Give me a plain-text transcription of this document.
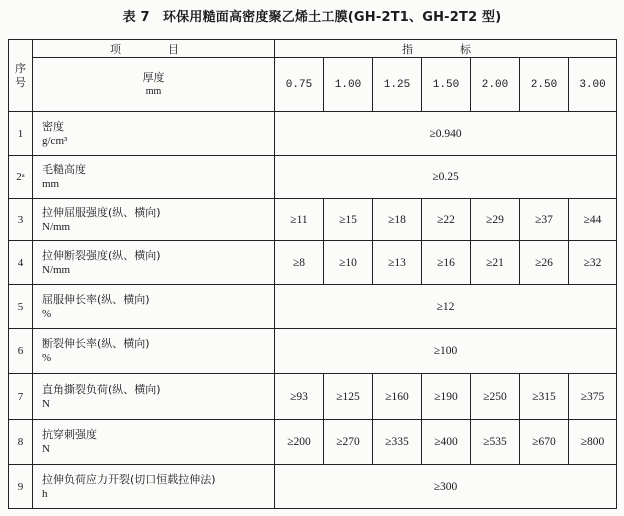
表 7　环保用糙面高密度聚乙烯土工膜(GH-2T1、GH-2T2 型)
序号	项　目	指　标						

	厚度
mm	0.75	1.00	1.25	1.50	2.00	2.50	3.00
1	密度
g/cm³	≥0.940						
2ᵃ	毛糙高度
mm	≥0.25						
3	拉伸屈服强度(纵、横向)
N/mm	≥11	≥15	≥18	≥22	≥29	≥37	≥44
4	拉伸断裂强度(纵、横向)
N/mm	≥8	≥10	≥13	≥16	≥21	≥26	≥32
5	屈服伸长率(纵、横向)
%	≥12						
6	断裂伸长率(纵、横向)
%	≥100						
7	直角撕裂负荷(纵、横向)
N	≥93	≥125	≥160	≥190	≥250	≥315	≥375
8	抗穿刺强度
N	≥200	≥270	≥335	≥400	≥535	≥670	≥800
9	拉伸负荷应力开裂(切口恒载拉伸法)
h	≥300						
